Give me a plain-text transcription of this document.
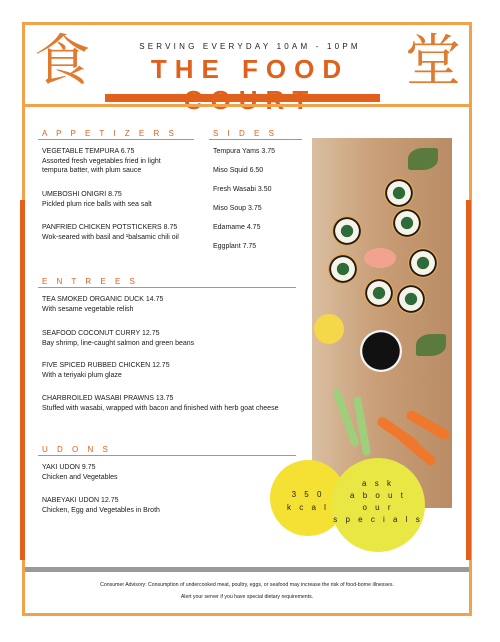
食	堂
SERVING EVERYDAY 10AM - 10PM
THE FOOD
A P P E T I Z E R S
VEGETABLE TEMPURA 6.75
Assorted fresh vegetables fried in light
tempura batter, with plum sauce
UMEBOSHI ONIGRI 8.75
Pickled plum rice balls with sea salt
PANFRIED CHICKEN POTSTICKERS 8.75
Wok-seared with basil and ¹balsamic chili oil
S I D E S
Tempura Yams 3.75
Miso Squid 6.50
Fresh Wasabi 3.50
Miso Soup 3.75
Edamame 4.75
Eggplant 7.75
E N T R E E S
TEA SMOKED ORGANIC DUCK 14.75
With sesame vegetable relish
SEAFOOD COCONUT CURRY 12.75
Bay shrimp, line-caught salmon and green beans
FIVE SPICED RUBBED CHICKEN 12.75
With a teriyaki plum glaze
CHARBROILED WASABI PRAWNS 13.75
Stuffed with wasabi, wrapped with bacon and finished with herb goat cheese
U D O N S
YAKI UDON 9.75
Chicken and Vegetables
NABEYAKI UDON 12.75
Chicken, Egg and Vegetables in Broth
3 5 0
k c a l
a s k
a b o u t
o u r
s p e c i a l s
Consumer Advisory: Consumption of undercooked meat, poultry, eggs, or seafood may increase the risk of food-borne illnesses.
Alert your server if you have special dietary requirements.
